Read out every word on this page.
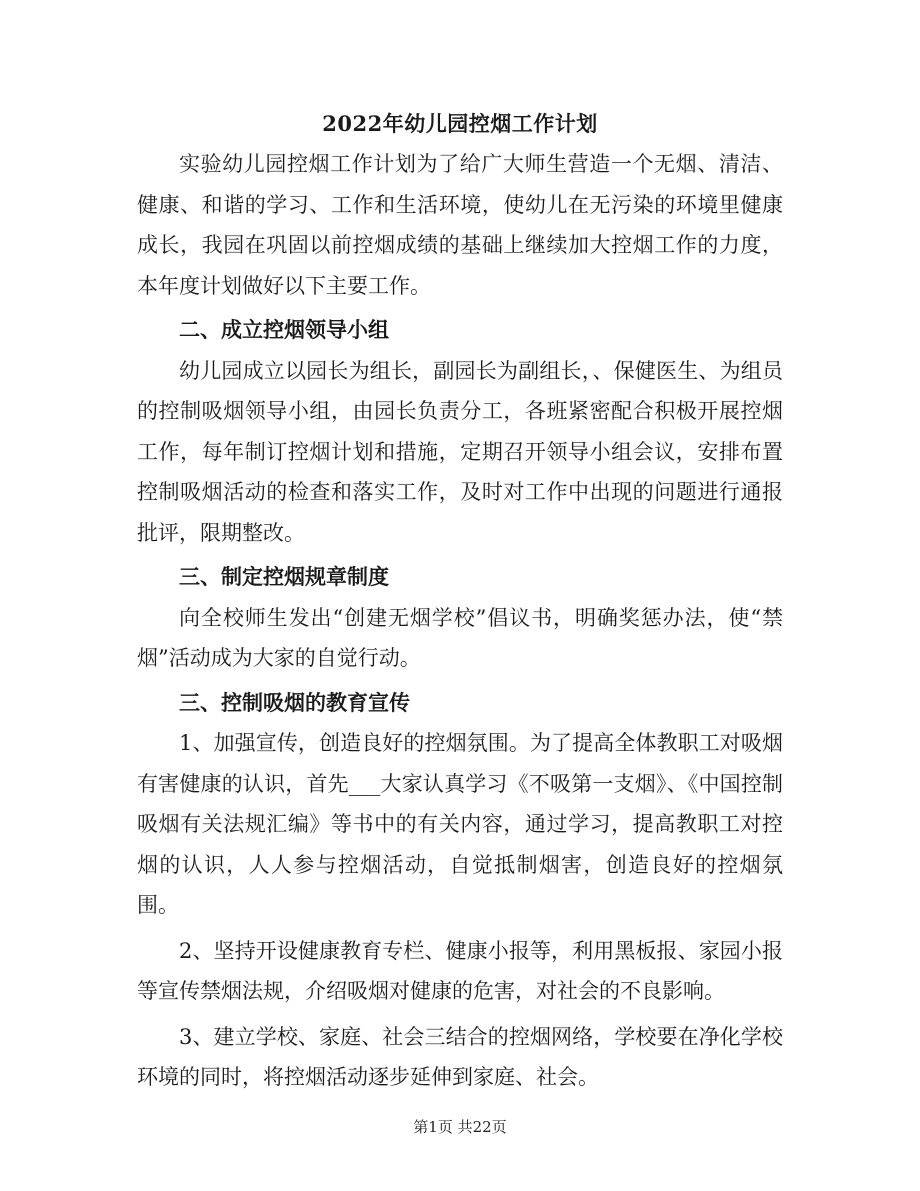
2022年幼儿园控烟工作计划

实验幼儿园控烟工作计划为了给广大师生营造一个无烟、清洁、健康、和谐的学习、工作和生活环境，使幼儿在无污染的环境里健康成长，我园在巩固以前控烟成绩的基础上继续加大控烟工作的力度，本年度计划做好以下主要工作。

二、成立控烟领导小组

幼儿园成立以园长为组长，副园长为副组长，、保健医生、为组员的控制吸烟领导小组，由园长负责分工，各班紧密配合积极开展控烟工作，每年制订控烟计划和措施，定期召开领导小组会议，安排布置控制吸烟活动的检查和落实工作，及时对工作中出现的问题进行通报批评，限期整改。

三、制定控烟规章制度

向全校师生发出“创建无烟学校”倡议书，明确奖惩办法，使“禁烟”活动成为大家的自觉行动。

三、控制吸烟的教育宣传

1、加强宣传，创造良好的控烟氛围。为了提高全体教职工对吸烟有害健康的认识，首先___大家认真学习《不吸第一支烟》、《中国控制吸烟有关法规汇编》等书中的有关内容，通过学习，提高教职工对控烟的认识，人人参与控烟活动，自觉抵制烟害，创造良好的控烟氛围。

2、坚持开设健康教育专栏、健康小报等，利用黑板报、家园小报等宣传禁烟法规，介绍吸烟对健康的危害，对社会的不良影响。

3、建立学校、家庭、社会三结合的控烟网络，学校要在净化学校环境的同时，将控烟活动逐步延伸到家庭、社会。

第1页 共22页
